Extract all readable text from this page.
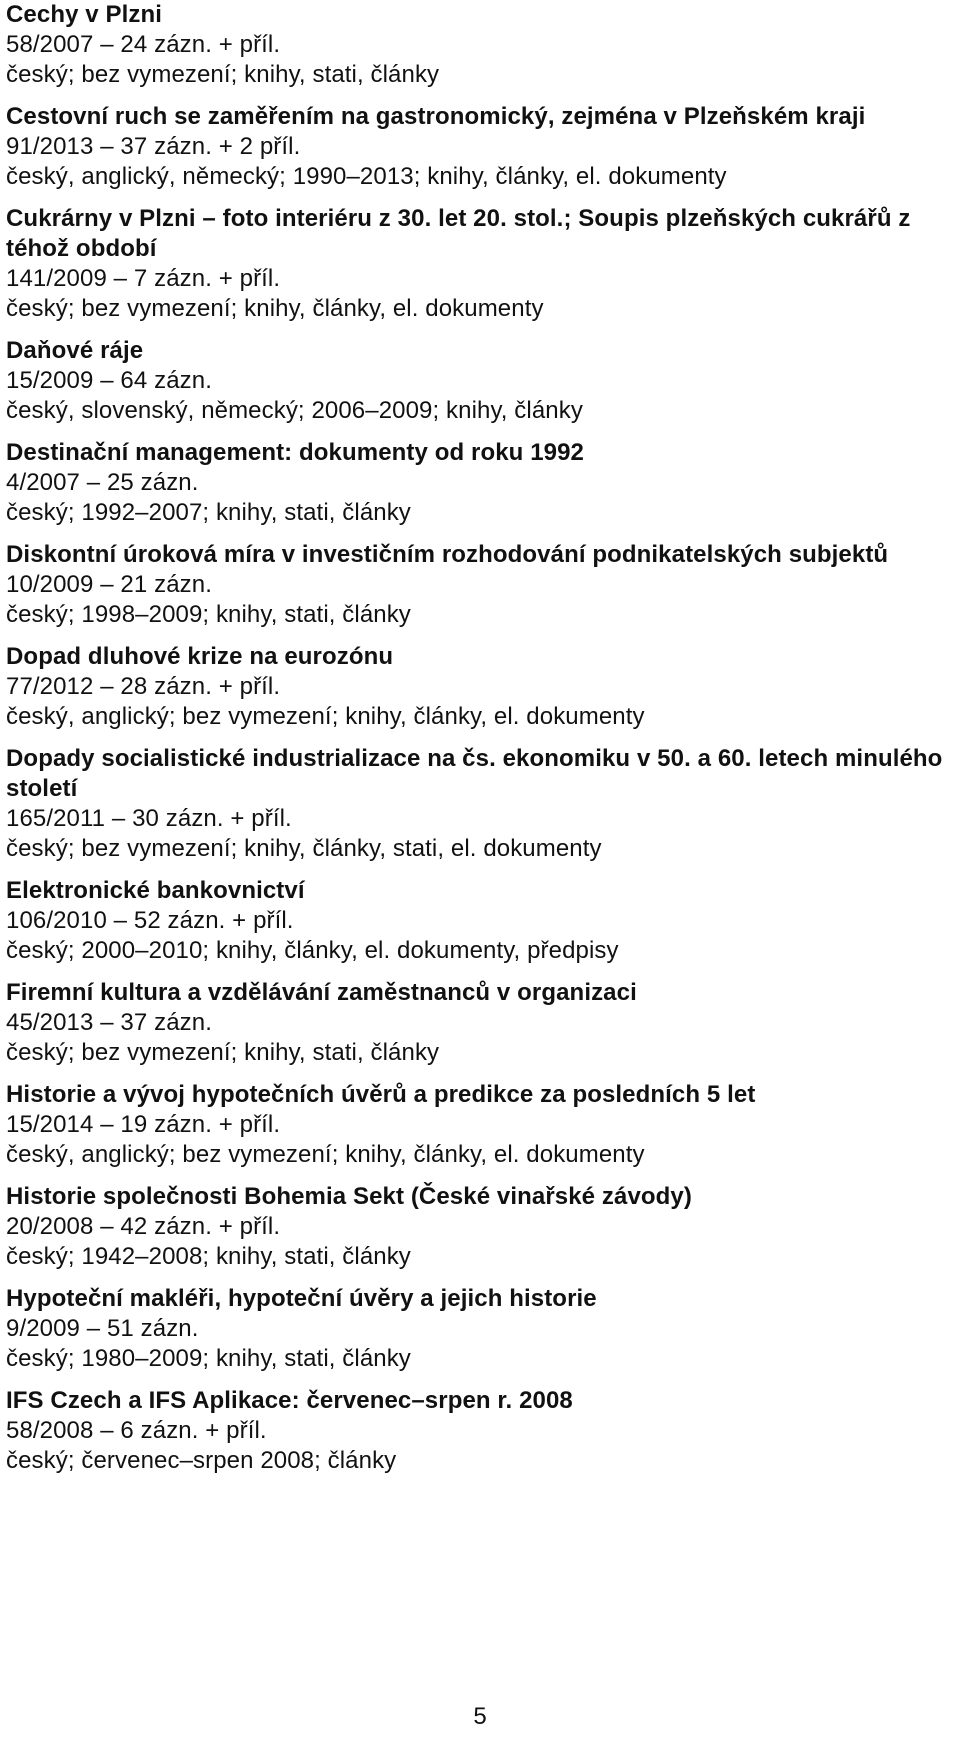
Cechy v Plzni
58/2007 – 24 zázn. + příl.
český; bez vymezení; knihy, stati, články
Cestovní ruch se zaměřením na gastronomický, zejména v Plzeňském kraji
91/2013 – 37 zázn. + 2 příl.
český, anglický, německý; 1990–2013; knihy, články, el. dokumenty
Cukrárny v Plzni – foto interiéru z 30. let 20. stol.; Soupis plzeňských cukrářů z téhož období
141/2009 – 7 zázn. + příl.
český; bez vymezení; knihy, články, el. dokumenty
Daňové ráje
15/2009 – 64 zázn.
český, slovenský, německý; 2006–2009; knihy, články
Destinační management: dokumenty od roku 1992
4/2007 – 25 zázn.
český; 1992–2007; knihy, stati, články
Diskontní úroková míra v investičním rozhodování podnikatelských subjektů
10/2009 – 21 zázn.
český; 1998–2009; knihy, stati, články
Dopad dluhové krize na eurozónu
77/2012 – 28 zázn. + příl.
český, anglický; bez vymezení; knihy, články, el. dokumenty
Dopady socialistické industrializace na čs. ekonomiku v 50. a 60. letech minulého století
165/2011 – 30 zázn. + příl.
český; bez vymezení; knihy, články, stati, el. dokumenty
Elektronické bankovnictví
106/2010 – 52 zázn. + příl.
český; 2000–2010; knihy, články, el. dokumenty, předpisy
Firemní kultura a vzdělávání zaměstnanců v organizaci
45/2013 – 37 zázn.
český; bez vymezení; knihy, stati, články
Historie a vývoj hypotečních úvěrů a predikce za posledních 5 let
15/2014 – 19 zázn. + příl.
český, anglický; bez vymezení; knihy, články, el. dokumenty
Historie společnosti Bohemia Sekt (České vinařské závody)
20/2008 – 42 zázn. + příl.
český; 1942–2008; knihy, stati, články
Hypoteční makléři, hypoteční úvěry a jejich historie
9/2009 – 51 zázn.
český; 1980–2009; knihy, stati, články
IFS Czech a IFS Aplikace: červenec–srpen r. 2008
58/2008 – 6 zázn. + příl.
český; červenec–srpen 2008; články
5
